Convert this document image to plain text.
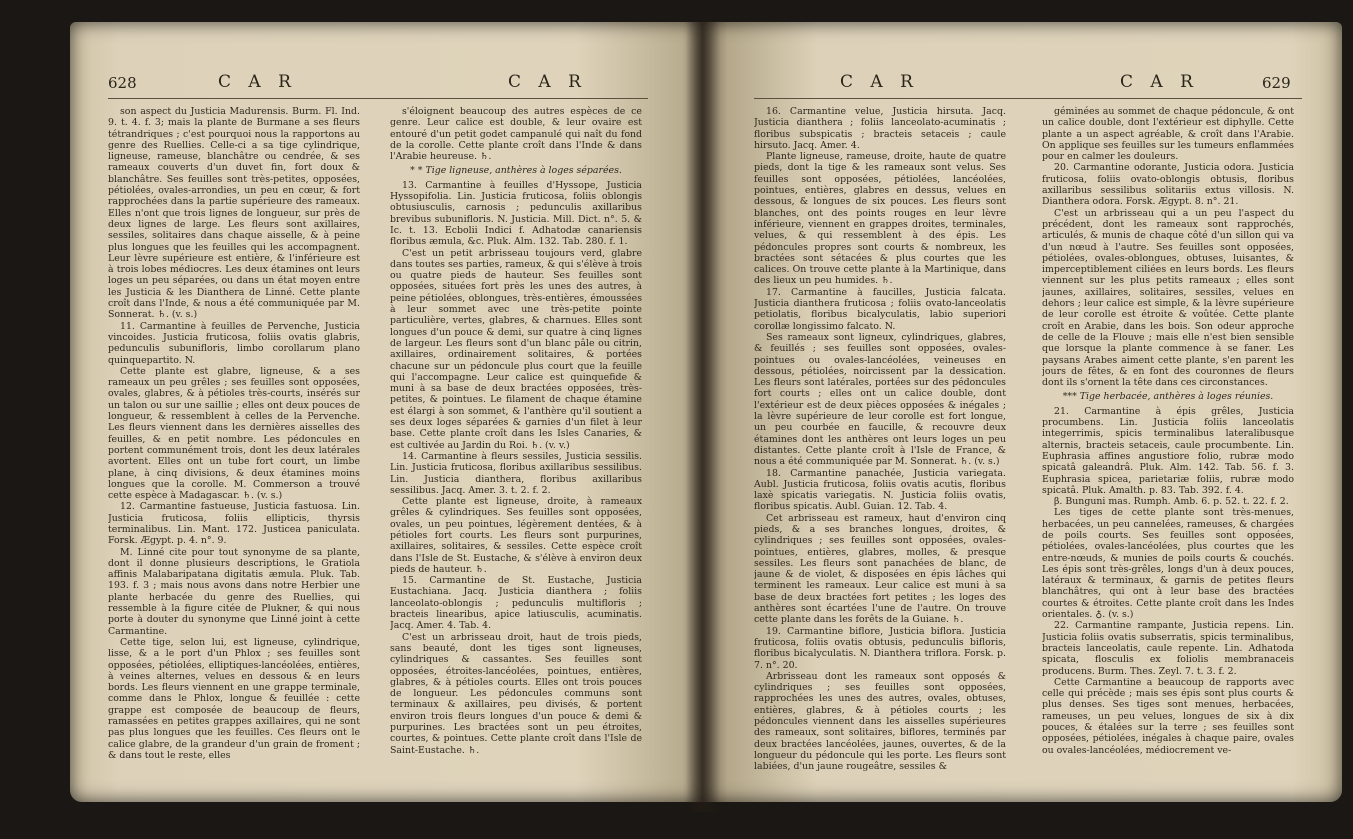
628	C A R	C A R

son aspect du Justicia Madurensis. Burm. Fl. Ind. 9. t. 4. f. 3; mais la plante de Burmane a ses fleurs tétrandriques ; c'est pourquoi nous la rapportons au genre des Ruellies. Celle-ci a sa tige cylindrique, ligneuse, rameuse, blanchâtre ou cendrée, & ses rameaux couverts d'un duvet fin, fort doux & blanchâtre. Ses feuilles sont très-petites, opposées, pétiolées, ovales-arrondies, un peu en cœur, & fort rapprochées dans la partie supérieure des rameaux. Elles n'ont que trois lignes de longueur, sur près de deux lignes de large. Les fleurs sont axillaires, sessiles, solitaires dans chaque aisselle, & à peine plus longues que les feuilles qui les accompagnent. Leur lèvre supérieure est entière, & l'inférieure est à trois lobes médiocres. Les deux étamines ont leurs loges un peu séparées, ou dans un état moyen entre les Justicia & les Dianthera de Linné. Cette plante croît dans l'Inde, & nous a été communiquée par M. Sonnerat. ♄. (v. s.)

11. Carmantine à feuilles de Pervenche, Justicia vincoides. Justicia fruticosa, foliis ovatis glabris, pedunculis subunifloris, limbo corollarum plano quinquepartito. N.

Cette plante est glabre, ligneuse, & a ses rameaux un peu grêles ; ses feuilles sont opposées, ovales, glabres, & à pétioles très-courts, insérés sur un talon ou sur une saillie ; elles ont deux pouces de longueur, & ressemblent à celles de la Pervenche. Les fleurs viennent dans les dernières aisselles des feuilles, & en petit nombre. Les pédoncules en portent communément trois, dont les deux latérales avortent. Elles ont un tube fort court, un limbe plane, à cinq divisions, & deux étamines moins longues que la corolle. M. Commerson a trouvé cette espèce à Madagascar. ♄. (v. s.)

12. Carmantine fastueuse, Justicia fastuosa. Lin. Justicia fruticosa, foliis ellipticis, thyrsis terminalibus. Lin. Mant. 172. Justicea paniculata. Forsk. Ægypt. p. 4. n°. 9.

M. Linné cite pour tout synonyme de sa plante, dont il donne plusieurs descriptions, le Gratiola affinis Malabaripatana digitatis æmula. Pluk. Tab. 193. f. 3 ; mais nous avons dans notre Herbier une plante herbacée du genre des Ruellies, qui ressemble à la figure citée de Plukner, & qui nous porte à douter du synonyme que Linné joint à cette Carmantine.

Cette tige, selon lui, est ligneuse, cylindrique, lisse, & a le port d'un Phlox ; ses feuilles sont opposées, pétiolées, elliptiques-lancéolées, entières, à veines alternes, velues en dessous & en leurs bords. Les fleurs viennent en une grappe terminale, comme dans le Phlox, longue & feuillée : cette grappe est composée de beaucoup de fleurs, ramassées en petites grappes axillaires, qui ne sont pas plus longues que les feuilles. Ces fleurs ont le calice glabre, de la grandeur d'un grain de froment ; & dans tout le reste, elles

s'éloignent beaucoup des autres espèces de ce genre. Leur calice est double, & leur ovaire est entouré d'un petit godet campanulé qui naît du fond de la corolle. Cette plante croît dans l'Inde & dans l'Arabie heureuse. ♄.

* * Tige ligneuse, anthères à loges séparées.

13. Carmantine à feuilles d'Hyssope, Justicia Hyssopifolia. Lin. Justicia fruticosa, foliis oblongis obtusiusculis, carnosis ; pedunculis axillaribus brevibus subunifloris. N. Justicia. Mill. Dict. n°. 5. & Ic. t. 13. Ecbolii Indici f. Adhatodæ canariensis floribus æmula, &c. Pluk. Alm. 132. Tab. 280. f. 1.

C'est un petit arbrisseau toujours verd, glabre dans toutes ses parties, rameux, & qui s'élève à trois ou quatre pieds de hauteur. Ses feuilles sont opposées, situées fort près les unes des autres, à peine pétiolées, oblongues, très-entières, émoussées à leur sommet avec une très-petite pointe particulière, vertes, glabres, & charnues. Elles sont longues d'un pouce & demi, sur quatre à cinq lignes de largeur. Les fleurs sont d'un blanc pâle ou citrin, axillaires, ordinairement solitaires, & portées chacune sur un pédoncule plus court que la feuille qui l'accompagne. Leur calice est quinquefide & muni à sa base de deux bractées opposées, très-petites, & pointues. Le filament de chaque étamine est élargi à son sommet, & l'anthère qu'il soutient a ses deux loges séparées & garnies d'un filet à leur base. Cette plante croît dans les Isles Canaries, & est cultivée au Jardin du Roi. ♄. (v. v.)

14. Carmantine à fleurs sessiles, Justicia sessilis. Lin. Justicia fruticosa, floribus axillaribus sessilibus. Lin. Justicia dianthera, floribus axillaribus sessilibus. Jacq. Amer. 3. t. 2. f. 2.

Cette plante est ligneuse, droite, à rameaux grêles & cylindriques. Ses feuilles sont opposées, ovales, un peu pointues, légèrement dentées, & à pétioles fort courts. Les fleurs sont purpurines, axillaires, solitaires, & sessiles. Cette espèce croît dans l'Isle de St. Eustache, & s'élève à environ deux pieds de hauteur. ♄.

15. Carmantine de St. Eustache, Justicia Eustachiana. Jacq. Justicia dianthera ; foliis lanceolato-oblongis ; pedunculis multifloris ; bracteis linearibus, apice latiusculis, acuminatis. Jacq. Amer. 4. Tab. 4.

C'est un arbrisseau droit, haut de trois pieds, sans beauté, dont les tiges sont ligneuses, cylindriques & cassantes. Ses feuilles sont opposées, étroites-lancéolées, pointues, entières, glabres, & à pétioles courts. Elles ont trois pouces de longueur. Les pédoncules communs sont terminaux & axillaires, peu divisés, & portent environ trois fleurs longues d'un pouce & demi & purpurines. Les bractées sont un peu étroites, courtes, & pointues. Cette plante croît dans l'Isle de Saint-Eustache. ♄.

C A R	C A R	629

16. Carmantine velue, Justicia hirsuta. Jacq. Justicia dianthera ; foliis lanceolato-acuminatis ; floribus subspicatis ; bracteis setaceis ; caule hirsuto. Jacq. Amer. 4.

Plante ligneuse, rameuse, droite, haute de quatre pieds, dont la tige & les rameaux sont velus. Ses feuilles sont opposées, pétiolées, lancéolées, pointues, entières, glabres en dessus, velues en dessous, & longues de six pouces. Les fleurs sont blanches, ont des points rouges en leur lèvre inférieure, viennent en grappes droites, terminales, velues, & qui ressemblent à des épis. Les pédoncules propres sont courts & nombreux, les bractées sont sétacées & plus courtes que les calices. On trouve cette plante à la Martinique, dans des lieux un peu humides. ♄.

17. Carmantine à faucilles, Justicia falcata. Justicia dianthera fruticosa ; foliis ovato-lanceolatis petiolatis, floribus bicalyculatis, labio superiori corollæ longissimo falcato. N.

Ses rameaux sont ligneux, cylindriques, glabres, & feuillés ; ses feuilles sont opposées, ovales-pointues ou ovales-lancéolées, veineuses en dessous, pétiolées, noircissent par la dessication. Les fleurs sont latérales, portées sur des pédoncules fort courts ; elles ont un calice double, dont l'extérieur est de deux pièces opposées & inégales ; la lèvre supérieure de leur corolle est fort longue, un peu courbée en faucille, & recouvre deux étamines dont les anthères ont leurs loges un peu distantes. Cette plante croît à l'Isle de France, & nous a été communiquée par M. Sonnerat. ♄. (v. s.)

18. Carmantine panachée, Justicia variegata. Aubl. Justicia fruticosa, foliis ovatis acutis, floribus laxè spicatis variegatis. N. Justicia foliis ovatis, floribus spicatis. Aubl. Guian. 12. Tab. 4.

Cet arbrisseau est rameux, haut d'environ cinq pieds, & a ses branches longues, droites, & cylindriques ; ses feuilles sont opposées, ovales-pointues, entières, glabres, molles, & presque sessiles. Les fleurs sont panachées de blanc, de jaune & de violet, & disposées en épis lâches qui terminent les rameaux. Leur calice est muni à sa base de deux bractées fort petites ; les loges des anthères sont écartées l'une de l'autre. On trouve cette plante dans les forêts de la Guiane. ♄.

19. Carmantine biflore, Justicia biflora. Justicia fruticosa, foliis ovatis obtusis, pedunculis bifloris, floribus bicalyculatis. N. Dianthera triflora. Forsk. p. 7. n°. 20.

Arbrisseau dont les rameaux sont opposés & cylindriques ; ses feuilles sont opposées, rapprochées les unes des autres, ovales, obtuses, entières, glabres, & à pétioles courts ; les pédoncules viennent dans les aisselles supérieures des rameaux, sont solitaires, biflores, terminés par deux bractées lancéolées, jaunes, ouvertes, & de la longueur du pédoncule qui les porte. Les fleurs sont labiées, d'un jaune rougeâtre, sessiles &

géminées au sommet de chaque pédoncule, & ont un calice double, dont l'extérieur est diphylle. Cette plante a un aspect agréable, & croît dans l'Arabie. On applique ses feuilles sur les tumeurs enflammées pour en calmer les douleurs.

20. Carmantine odorante, Justicia odora. Justicia fruticosa, foliis ovato-oblongis obtusis, floribus axillaribus sessilibus solitariis extus villosis. N. Dianthera odora. Forsk. Ægypt. 8. n°. 21.

C'est un arbrisseau qui a un peu l'aspect du précédent, dont les rameaux sont rapprochés, articulés, & munis de chaque côté d'un sillon qui va d'un nœud à l'autre. Ses feuilles sont opposées, pétiolées, ovales-oblongues, obtuses, luisantes, & imperceptiblement ciliées en leurs bords. Les fleurs viennent sur les plus petits rameaux ; elles sont jaunes, axillaires, solitaires, sessiles, velues en dehors ; leur calice est simple, & la lèvre supérieure de leur corolle est étroite & voûtée. Cette plante croît en Arabie, dans les bois. Son odeur approche de celle de la Flouve ; mais elle n'est bien sensible que lorsque la plante commence à se faner. Les paysans Arabes aiment cette plante, s'en parent les jours de fêtes, & en font des couronnes de fleurs dont ils s'ornent la tête dans ces circonstances.

*** Tige herbacée, anthères à loges réunies.

21. Carmantine à épis grêles, Justicia procumbens. Lin. Justicia foliis lanceolatis integerrimis, spicis terminalibus lateralibusque alternis, bracteis setaceis, caule procumbente. Lin. Euphrasia affines angustiore folio, rubræ modo spicatâ galeandrâ. Pluk. Alm. 142. Tab. 56. f. 3. Euphrasia spicea, parietariæ foliis, rubræ modo spicatâ. Pluk. Amalth. p. 83. Tab. 392. f. 4.

β. Bunguni mas. Rumph. Amb. 6. p. 52. t. 22. f. 2.

Les tiges de cette plante sont très-menues, herbacées, un peu cannelées, rameuses, & chargées de poils courts. Ses feuilles sont opposées, pétiolées, ovales-lancéolées, plus courtes que les entre-nœuds, & munies de poils courts & couchés. Les épis sont très-grêles, longs d'un à deux pouces, latéraux & terminaux, & garnis de petites fleurs blanchâtres, qui ont à leur base des bractées courtes & étroites. Cette plante croît dans les Indes orientales. ♁. (v. s.)

22. Carmantine rampante, Justicia repens. Lin. Justicia foliis ovatis subserratis, spicis terminalibus, bracteis lanceolatis, caule repente. Lin. Adhatoda spicata, flosculis ex foliolis membranaceis producens. Burm. Thes. Zeyl. 7. t. 3. f. 2.

Cette Carmantine a beaucoup de rapports avec celle qui précède ; mais ses épis sont plus courts & plus denses. Ses tiges sont menues, herbacées, rameuses, un peu velues, longues de six à dix pouces, & étalées sur la terre ; ses feuilles sont opposées, pétiolées, inégales à chaque paire, ovales ou ovales-lancéolées, médiocrement ve-
